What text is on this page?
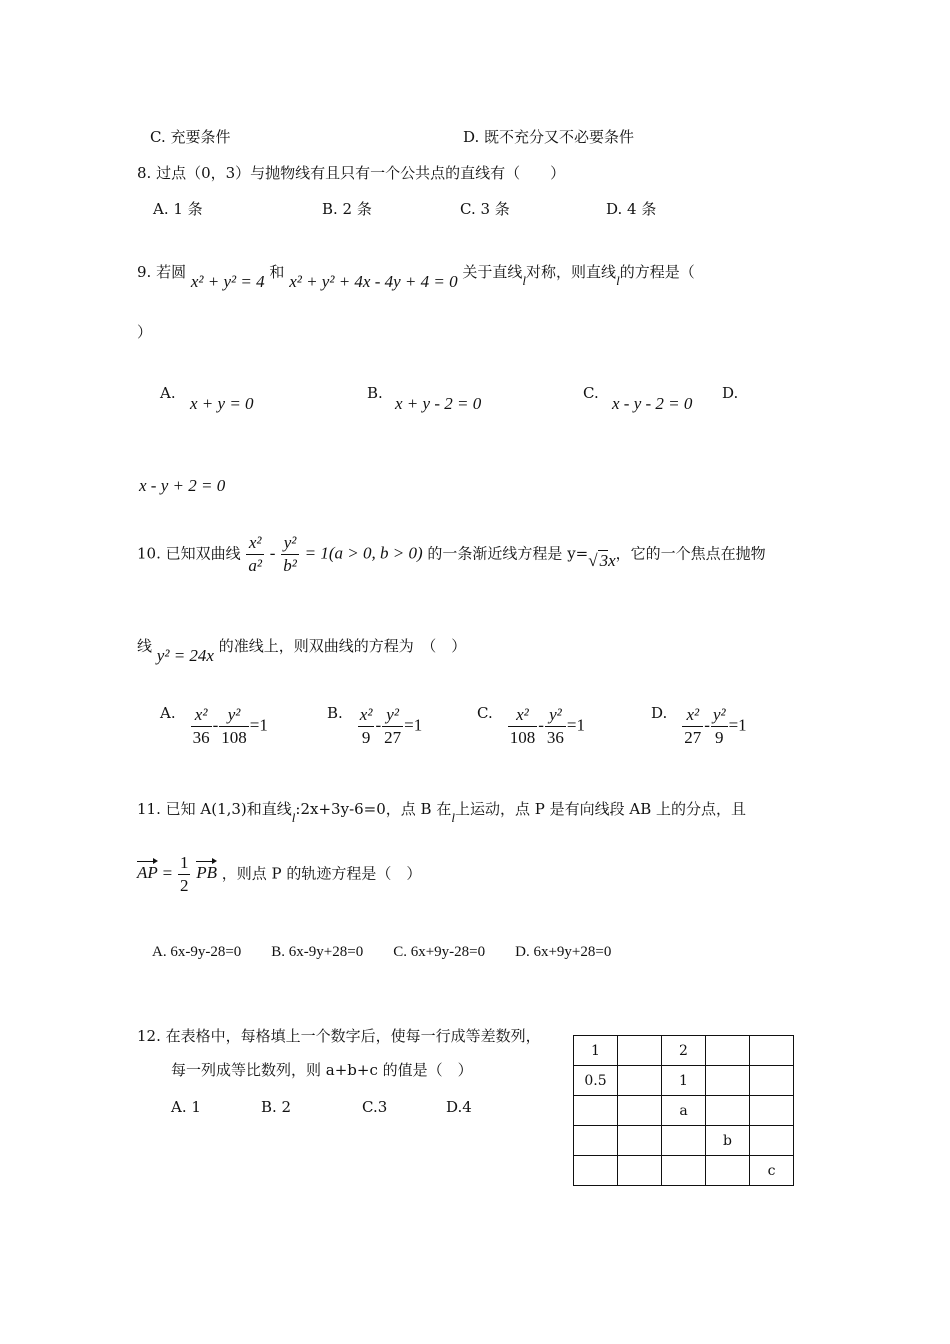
C. 充要条件	D. 既不充分又不必要条件
8. 过点（0，3）与抛物线有且只有一个公共点的直线有（　　）
A. 1 条	B. 2 条	C. 3 条	D. 4 条
9. 若圆 x² + y² = 4 和 x² + y² + 4x - 4y + 4 = 0 关于直线l对称，则直线l的方程是（
）
A.
x + y = 0
B.
x + y - 2 = 0
C.
x - y - 2 = 0
D.
x - y + 2 = 0
10. 已知双曲线 $\frac{\text{x²}}{\text{a²}} - \frac{\text{y²}}{\text{b²}} = 1(a > 0$, b > 0) 的一条渐近线方程是 y=√ 3x，它的一个焦点在抛物
线 y² = 24x 的准线上，则双曲线的方程为　（　）
A. $\frac{\text{x²}}{36} - \frac{\text{y²}}{108} =1$
B. $\frac{\text{x²}}{9} - \frac{\text{y²}}{27} =1$
C. $\frac{\text{x²}}{108} - \frac{\text{y²}}{36} =1$
D. $\frac{\text{x²}}{27} - \frac{\text{y²}}{9} =1$
11. 已知 A(1,3)和直线l:2x+3y-6=0，点 B 在l上运动，点 P 是有向线段 AB 上的分点，且
AP = $\frac{1}{2}$ PB ，则点 P 的轨迹方程是（　）
A. 6x-9y-28=0　　B. 6x-9y+28=0　　C. 6x+9y-28=0　　D. 6x+9y+28=0
12. 在表格中，每格填上一个数字后，使每一行成等差数列，
每一列成等比数列，则 a+b+c 的值是（　）
A. 1	B. 2	C.3	D.4
1		2		
0.5		1		
		a		
			b	
				c
